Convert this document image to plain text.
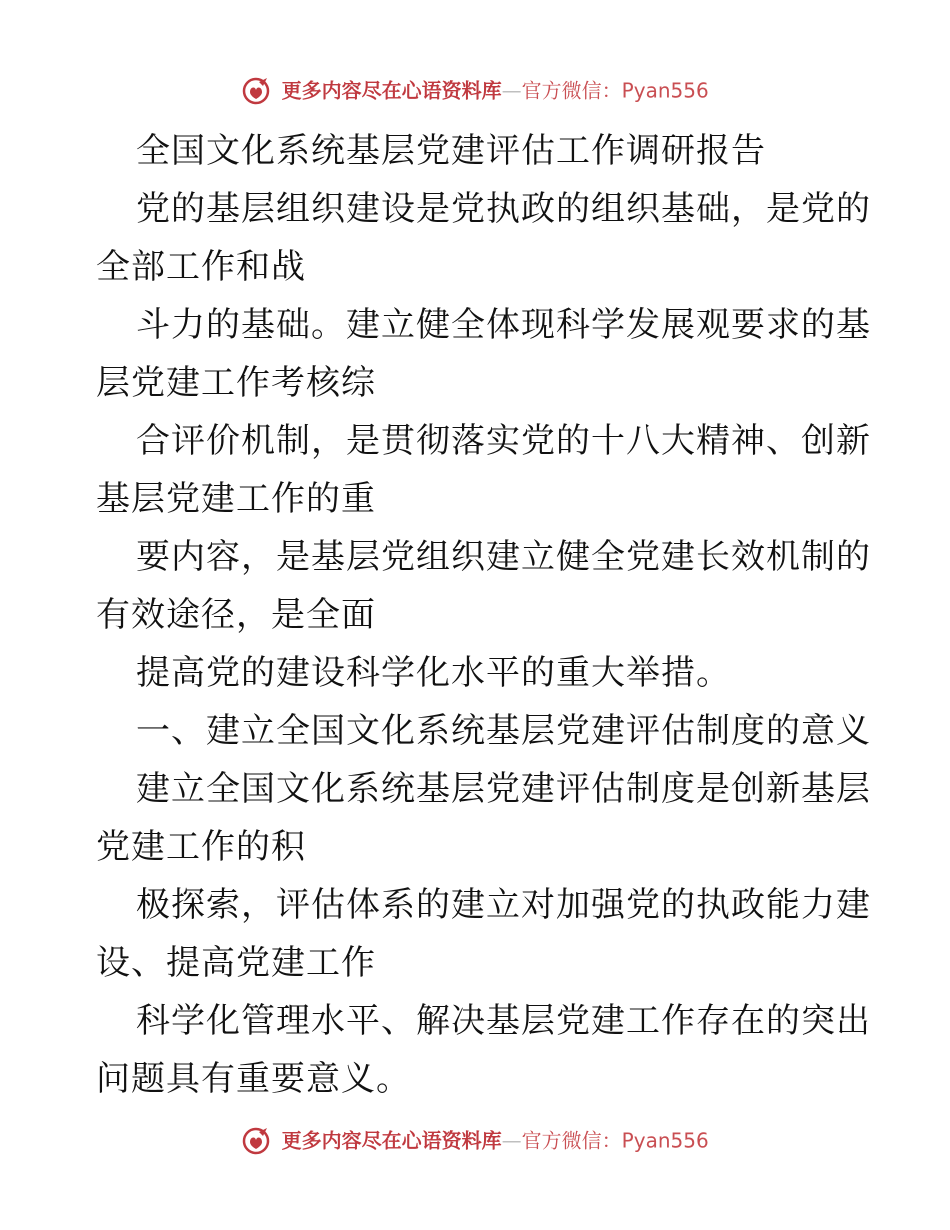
更多内容尽在心语资料库—官方微信：Pyan556
全国文化系统基层党建评估工作调研报告
党的基层组织建设是党执政的组织基础，是党的
全部工作和战
斗力的基础。建立健全体现科学发展观要求的基
层党建工作考核综
合评价机制，是贯彻落实党的十八大精神、创新
基层党建工作的重
要内容，是基层党组织建立健全党建长效机制的
有效途径，是全面
提高党的建设科学化水平的重大举措。
一、建立全国文化系统基层党建评估制度的意义
建立全国文化系统基层党建评估制度是创新基层
党建工作的积
极探索，评估体系的建立对加强党的执政能力建
设、提高党建工作
科学化管理水平、解决基层党建工作存在的突出
问题具有重要意义。
更多内容尽在心语资料库—官方微信：Pyan556
